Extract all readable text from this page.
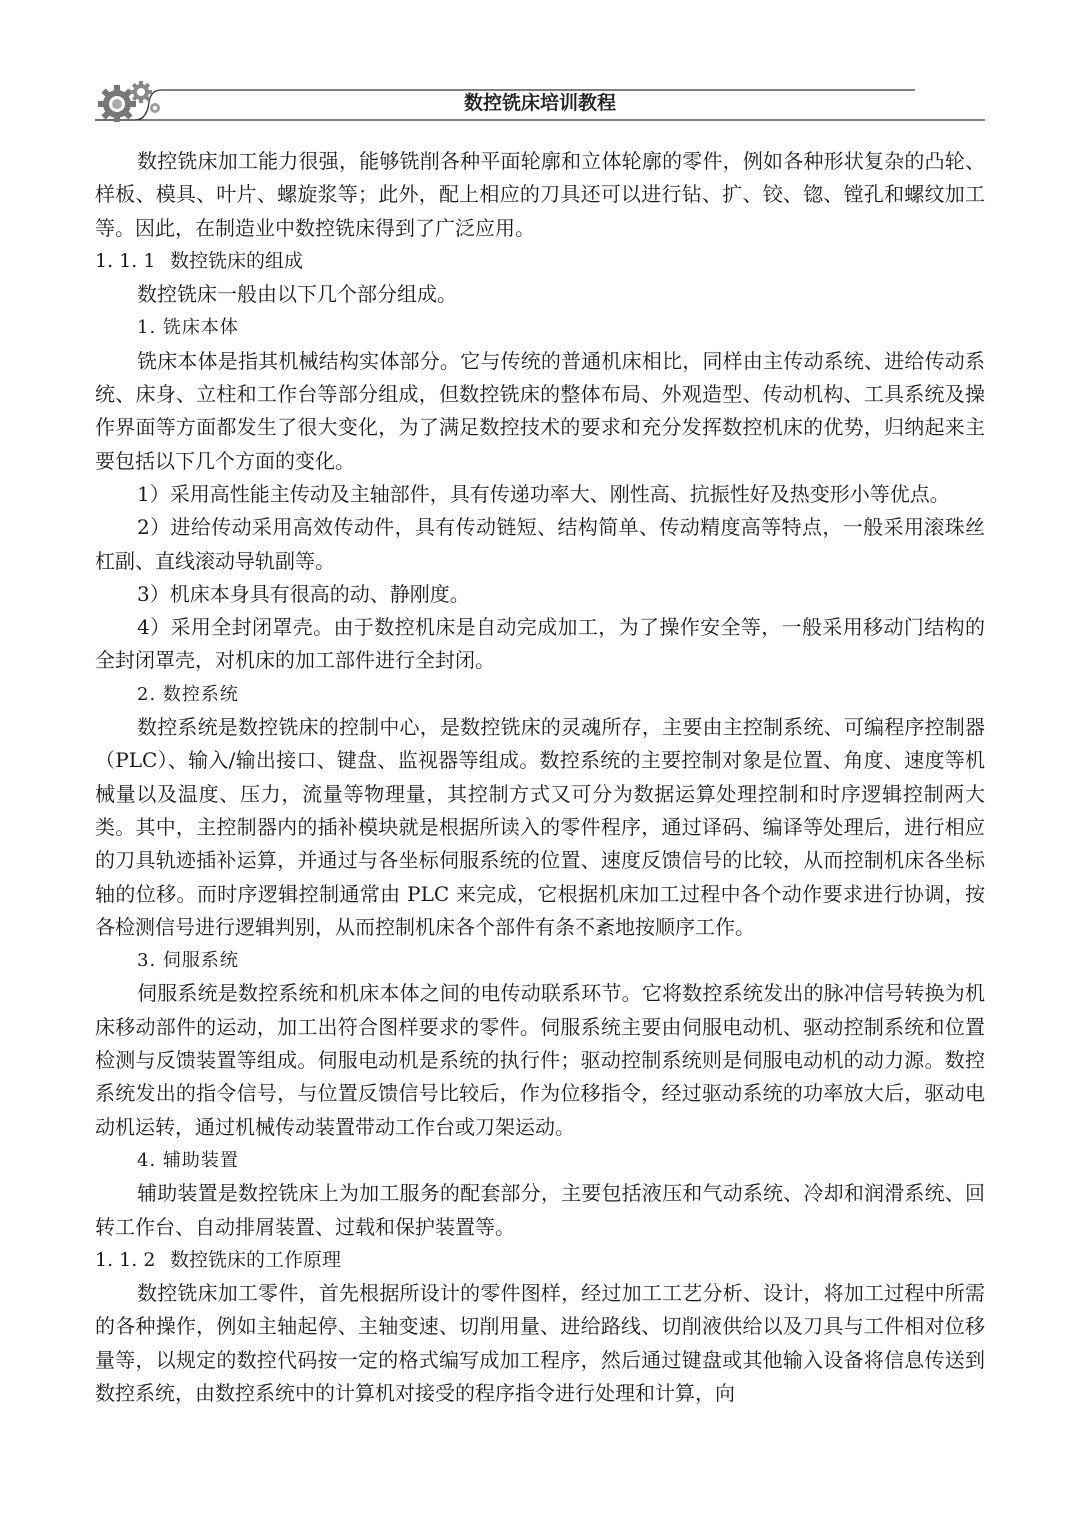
数控铣床培训教程

数控铣床加工能力很强，能够铣削各种平面轮廓和立体轮廓的零件，例如各种形状复杂的凸轮、样板、模具、叶片、螺旋浆等；此外，配上相应的刀具还可以进行钻、扩、铰、锪、镗孔和螺纹加工等。因此，在制造业中数控铣床得到了广泛应用。

1. 1. 1 数控铣床的组成

数控铣床一般由以下几个部分组成。

1. 铣床本体

铣床本体是指其机械结构实体部分。它与传统的普通机床相比，同样由主传动系统、进给传动系统、床身、立柱和工作台等部分组成，但数控铣床的整体布局、外观造型、传动机构、工具系统及操作界面等方面都发生了很大变化，为了满足数控技术的要求和充分发挥数控机床的优势，归纳起来主要包括以下几个方面的变化。

1）采用高性能主传动及主轴部件，具有传递功率大、刚性高、抗振性好及热变形小等优点。

2）进给传动采用高效传动件，具有传动链短、结构简单、传动精度高等特点，一般采用滚珠丝杠副、直线滚动导轨副等。

3）机床本身具有很高的动、静刚度。

4）采用全封闭罩壳。由于数控机床是自动完成加工，为了操作安全等，一般采用移动门结构的全封闭罩壳，对机床的加工部件进行全封闭。

2. 数控系统

数控系统是数控铣床的控制中心，是数控铣床的灵魂所存，主要由主控制系统、可编程序控制器（PLC）、输入/输出接口、键盘、监视器等组成。数控系统的主要控制对象是位置、角度、速度等机械量以及温度、压力，流量等物理量，其控制方式又可分为数据运算处理控制和时序逻辑控制两大类。其中，主控制器内的插补模块就是根据所读入的零件程序，通过译码、编译等处理后，进行相应的刀具轨迹插补运算，并通过与各坐标伺服系统的位置、速度反馈信号的比较，从而控制机床各坐标轴的位移。而时序逻辑控制通常由 PLC 来完成，它根据机床加工过程中各个动作要求进行协调，按各检测信号进行逻辑判别，从而控制机床各个部件有条不紊地按顺序工作。

3. 伺服系统

伺服系统是数控系统和机床本体之间的电传动联系环节。它将数控系统发出的脉冲信号转换为机床移动部件的运动，加工出符合图样要求的零件。伺服系统主要由伺服电动机、驱动控制系统和位置检测与反馈装置等组成。伺服电动机是系统的执行件；驱动控制系统则是伺服电动机的动力源。数控系统发出的指令信号，与位置反馈信号比较后，作为位移指令，经过驱动系统的功率放大后，驱动电动机运转，通过机械传动装置带动工作台或刀架运动。

4. 辅助装置

辅助装置是数控铣床上为加工服务的配套部分，主要包括液压和气动系统、冷却和润滑系统、回转工作台、自动排屑装置、过载和保护装置等。

1. 1. 2 数控铣床的工作原理

数控铣床加工零件，首先根据所设计的零件图样，经过加工工艺分析、设计，将加工过程中所需的各种操作，例如主轴起停、主轴变速、切削用量、进给路线、切削液供给以及刀具与工件相对位移量等，以规定的数控代码按一定的格式编写成加工程序，然后通过键盘或其他输入设备将信息传送到数控系统，由数控系统中的计算机对接受的程序指令进行处理和计算，向
